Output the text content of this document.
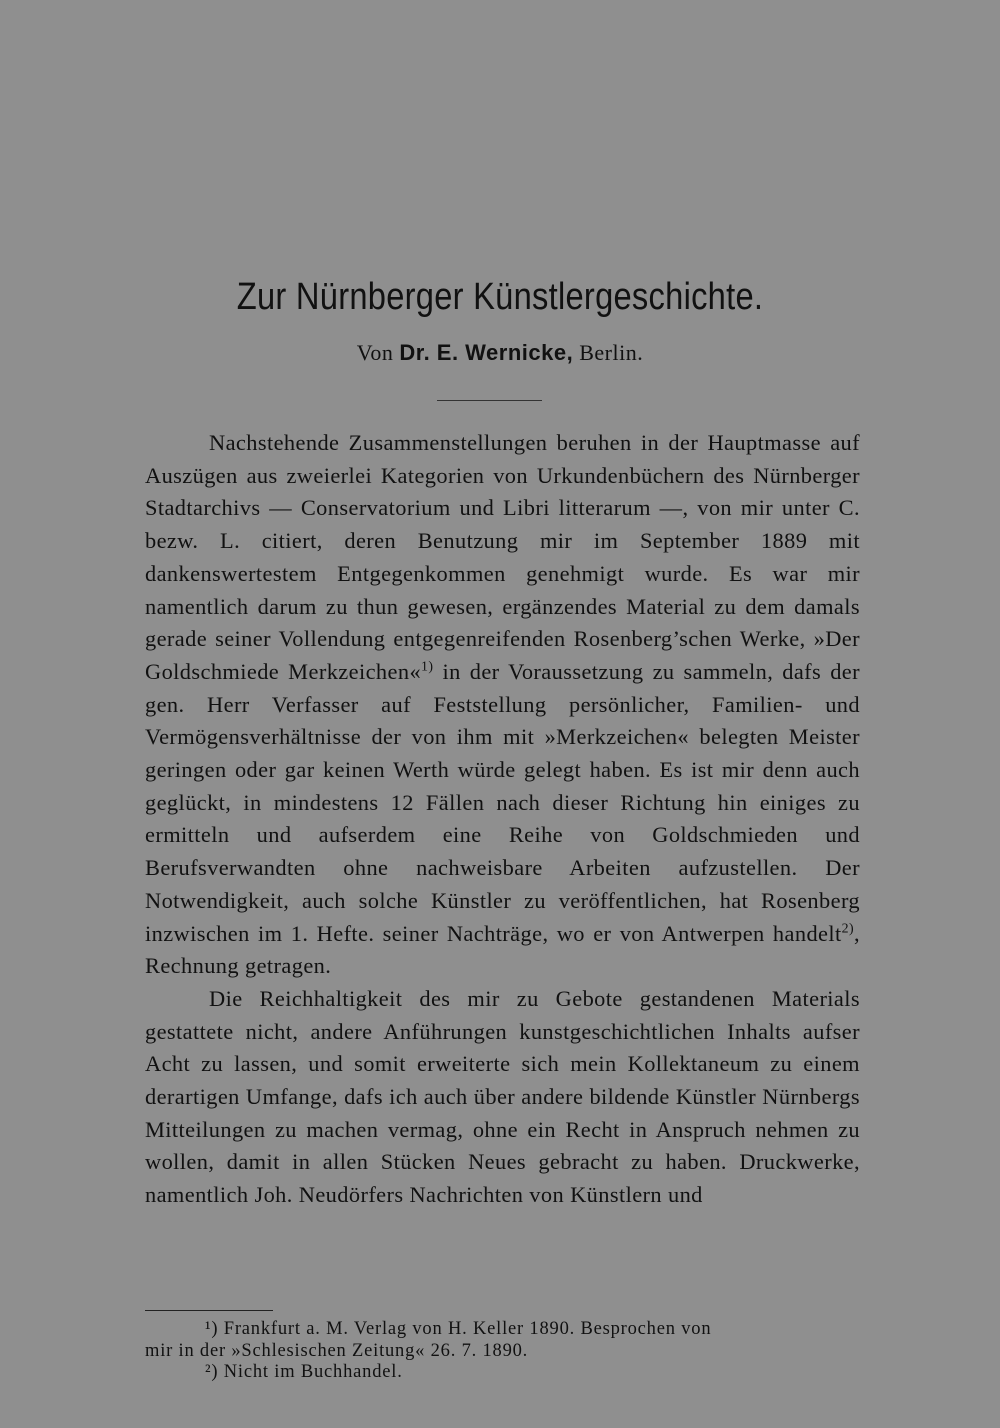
Zur Nürnberger Künstlergeschichte.
Von Dr. E. Wernicke, Berlin.

Nachstehende Zusammenstellungen beruhen in der Hauptmasse auf Auszügen aus zweierlei Kategorien von Urkundenbüchern des Nürnberger Stadtarchivs — Conservatorium und Libri litterarum —, von mir unter C. bezw. L. citiert, deren Benutzung mir im September 1889 mit dankenswertestem Entgegenkommen genehmigt wurde. Es war mir namentlich darum zu thun gewesen, ergänzendes Material zu dem damals gerade seiner Vollendung entgegenreifenden Rosenberg’schen Werke, »Der Goldschmiede Merkzeichen«$^{1)}$ in der Voraussetzung zu sammeln, dafs der gen. Herr Verfasser auf Feststellung persönlicher, Familien- und Vermögensverhältnisse der von ihm mit »Merkzeichen« belegten Meister geringen oder gar keinen Werth würde gelegt haben. Es ist mir denn auch geglückt, in mindestens 12 Fällen nach dieser Richtung hin einiges zu ermitteln und aufserdem eine Reihe von Goldschmieden und Berufsverwandten ohne nachweisbare Arbeiten aufzustellen. Der Notwendigkeit, auch solche Künstler zu veröffentlichen, hat Rosenberg inzwischen im 1. Hefte. seiner Nachträge, wo er von Antwerpen handelt$^{2)}$, Rechnung getragen.

Die Reichhaltigkeit des mir zu Gebote gestandenen Materials gestattete nicht, andere Anführungen kunstgeschichtlichen Inhalts aufser Acht zu lassen, und somit erweiterte sich mein Kollektaneum zu einem derartigen Umfange, dafs ich auch über andere bildende Künstler Nürnbergs Mitteilungen zu machen vermag, ohne ein Recht in Anspruch nehmen zu wollen, damit in allen Stücken Neues gebracht zu haben. Druckwerke, namentlich Joh. Neudörfers Nachrichten von Künstlern und

¹) Frankfurt a. M. Verlag von H. Keller 1890. Besprochen von

mir in der »Schlesischen Zeitung« 26. 7. 1890.

²) Nicht im Buchhandel.
